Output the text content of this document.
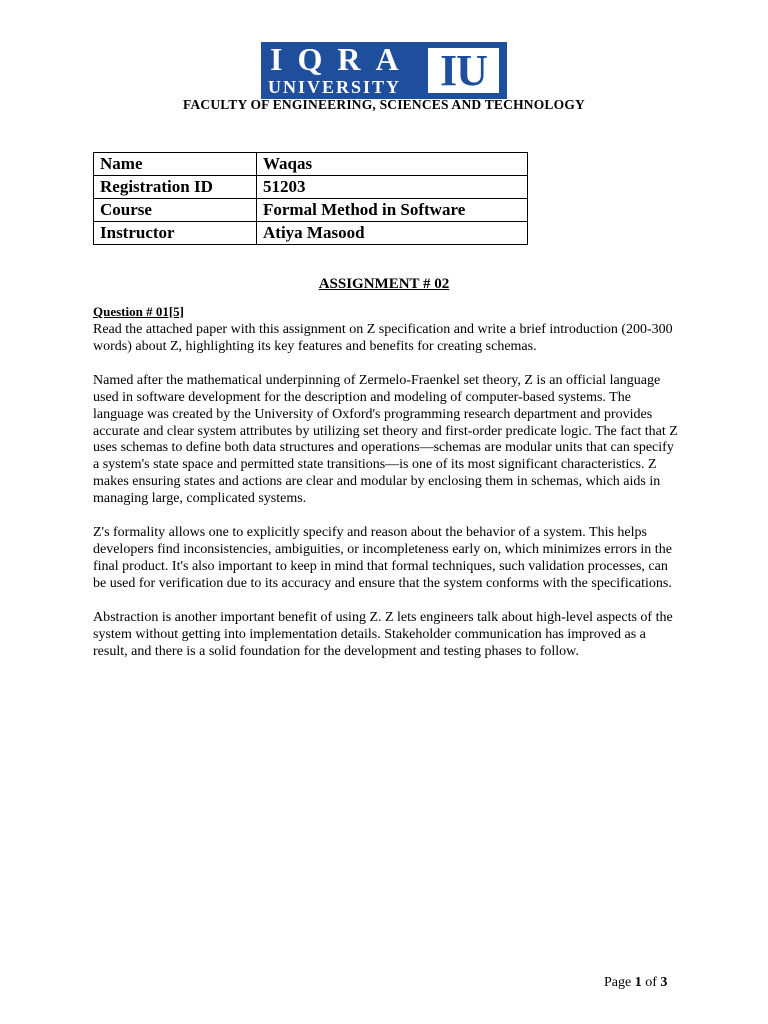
IQRA
UNIVERSITY IU
FACULTY OF ENGINEERING, SCIENCES AND TECHNOLOGY
Name	Waqas
Registration ID	51203
Course	Formal Method in Software
Instructor	Atiya Masood
ASSIGNMENT # 02
Question # 01[5]

Read the attached paper with this assignment on Z specification and write a brief introduction (200-300 words) about Z, highlighting its key features and benefits for creating schemas.

Named after the mathematical underpinning of Zermelo-Fraenkel set theory, Z is an official language used in software development for the description and modeling of computer-based systems. The language was created by the University of Oxford's programming research department and provides accurate and clear system attributes by utilizing set theory and first-order predicate logic. The fact that Z uses schemas to define both data structures and operations—schemas are modular units that can specify a system's state space and permitted state transitions—is one of its most significant characteristics. Z makes ensuring states and actions are clear and modular by enclosing them in schemas, which aids in managing large, complicated systems.

Z's formality allows one to explicitly specify and reason about the behavior of a system. This helps developers find inconsistencies, ambiguities, or incompleteness early on, which minimizes errors in the final product. It's also important to keep in mind that formal techniques, such validation processes, can be used for verification due to its accuracy and ensure that the system conforms with the specifications.

Abstraction is another important benefit of using Z. Z lets engineers talk about high-level aspects of the system without getting into implementation details. Stakeholder communication has improved as a result, and there is a solid foundation for the development and testing phases to follow.

Page 1 of 3
